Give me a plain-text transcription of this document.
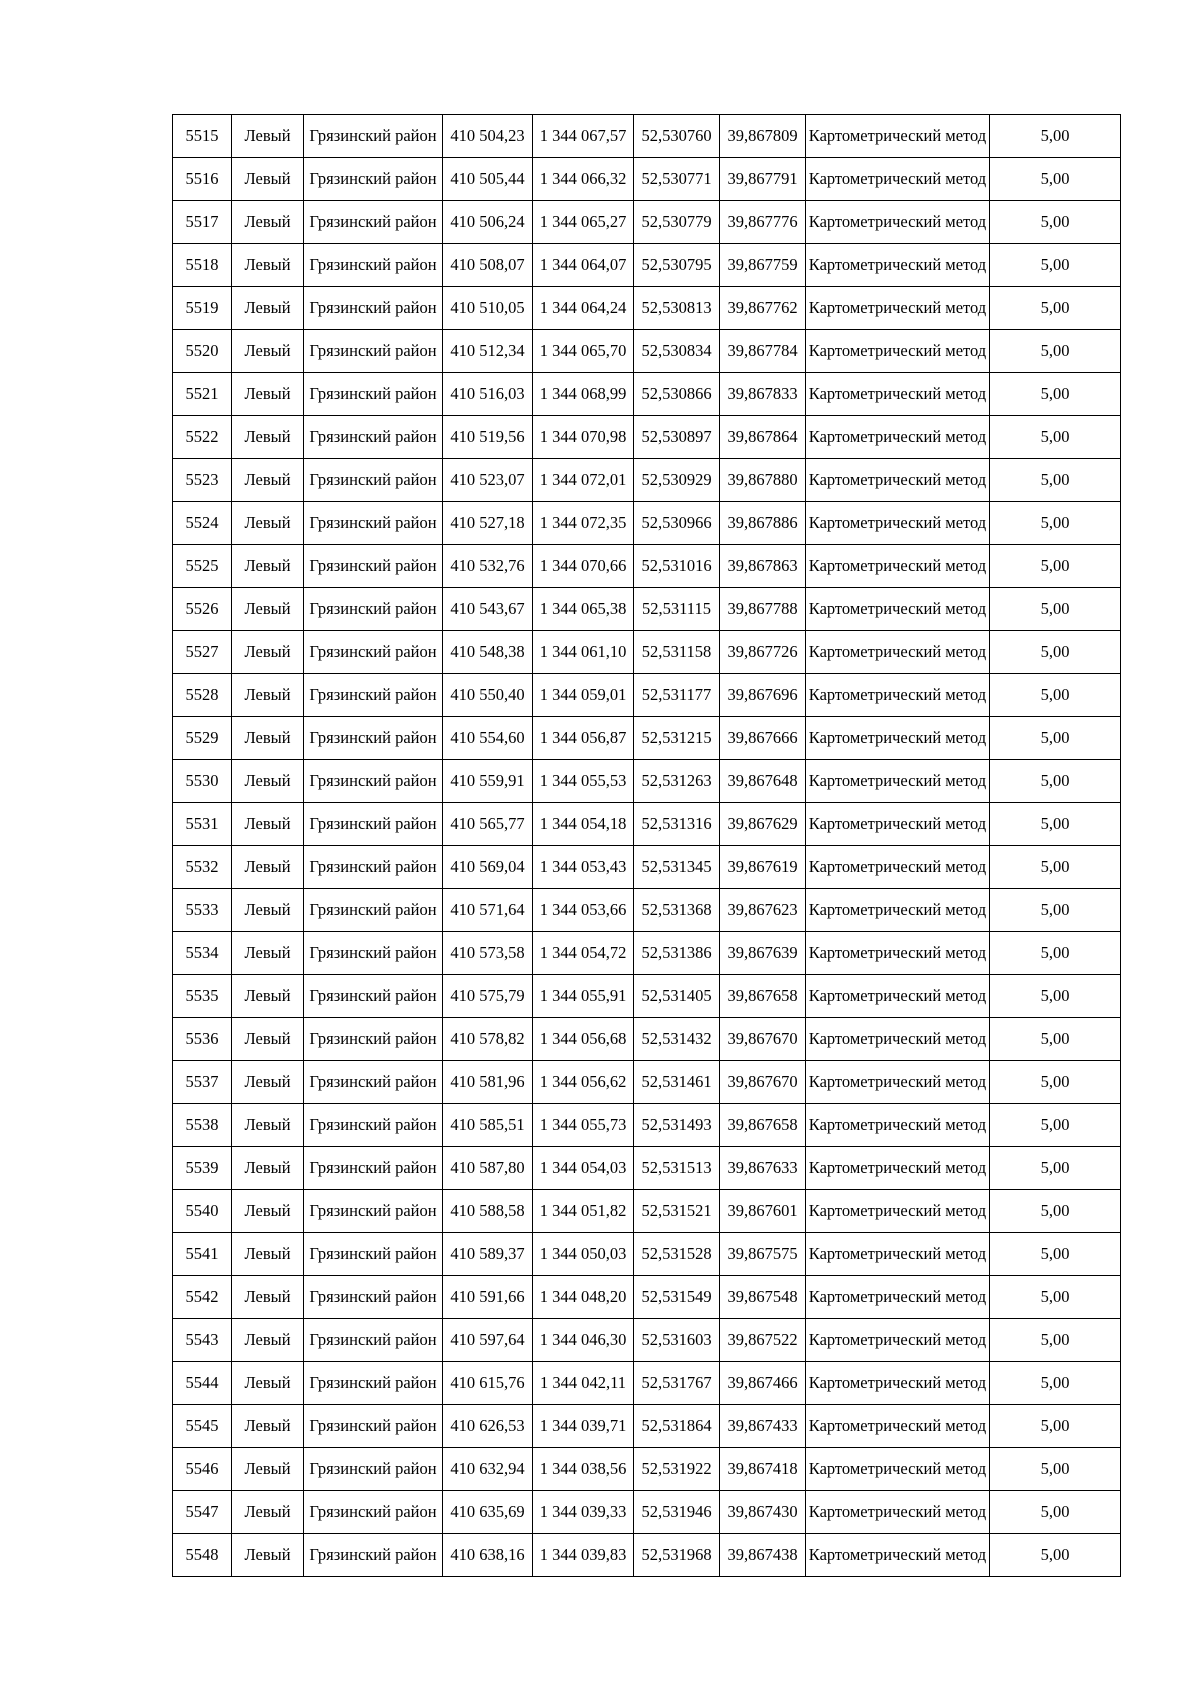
5515	Левый	Грязинский район	410 504,23	1 344 067,57	52,530760	39,867809	Картометрический метод	5,00
5516	Левый	Грязинский район	410 505,44	1 344 066,32	52,530771	39,867791	Картометрический метод	5,00
5517	Левый	Грязинский район	410 506,24	1 344 065,27	52,530779	39,867776	Картометрический метод	5,00
5518	Левый	Грязинский район	410 508,07	1 344 064,07	52,530795	39,867759	Картометрический метод	5,00
5519	Левый	Грязинский район	410 510,05	1 344 064,24	52,530813	39,867762	Картометрический метод	5,00
5520	Левый	Грязинский район	410 512,34	1 344 065,70	52,530834	39,867784	Картометрический метод	5,00
5521	Левый	Грязинский район	410 516,03	1 344 068,99	52,530866	39,867833	Картометрический метод	5,00
5522	Левый	Грязинский район	410 519,56	1 344 070,98	52,530897	39,867864	Картометрический метод	5,00
5523	Левый	Грязинский район	410 523,07	1 344 072,01	52,530929	39,867880	Картометрический метод	5,00
5524	Левый	Грязинский район	410 527,18	1 344 072,35	52,530966	39,867886	Картометрический метод	5,00
5525	Левый	Грязинский район	410 532,76	1 344 070,66	52,531016	39,867863	Картометрический метод	5,00
5526	Левый	Грязинский район	410 543,67	1 344 065,38	52,531115	39,867788	Картометрический метод	5,00
5527	Левый	Грязинский район	410 548,38	1 344 061,10	52,531158	39,867726	Картометрический метод	5,00
5528	Левый	Грязинский район	410 550,40	1 344 059,01	52,531177	39,867696	Картометрический метод	5,00
5529	Левый	Грязинский район	410 554,60	1 344 056,87	52,531215	39,867666	Картометрический метод	5,00
5530	Левый	Грязинский район	410 559,91	1 344 055,53	52,531263	39,867648	Картометрический метод	5,00
5531	Левый	Грязинский район	410 565,77	1 344 054,18	52,531316	39,867629	Картометрический метод	5,00
5532	Левый	Грязинский район	410 569,04	1 344 053,43	52,531345	39,867619	Картометрический метод	5,00
5533	Левый	Грязинский район	410 571,64	1 344 053,66	52,531368	39,867623	Картометрический метод	5,00
5534	Левый	Грязинский район	410 573,58	1 344 054,72	52,531386	39,867639	Картометрический метод	5,00
5535	Левый	Грязинский район	410 575,79	1 344 055,91	52,531405	39,867658	Картометрический метод	5,00
5536	Левый	Грязинский район	410 578,82	1 344 056,68	52,531432	39,867670	Картометрический метод	5,00
5537	Левый	Грязинский район	410 581,96	1 344 056,62	52,531461	39,867670	Картометрический метод	5,00
5538	Левый	Грязинский район	410 585,51	1 344 055,73	52,531493	39,867658	Картометрический метод	5,00
5539	Левый	Грязинский район	410 587,80	1 344 054,03	52,531513	39,867633	Картометрический метод	5,00
5540	Левый	Грязинский район	410 588,58	1 344 051,82	52,531521	39,867601	Картометрический метод	5,00
5541	Левый	Грязинский район	410 589,37	1 344 050,03	52,531528	39,867575	Картометрический метод	5,00
5542	Левый	Грязинский район	410 591,66	1 344 048,20	52,531549	39,867548	Картометрический метод	5,00
5543	Левый	Грязинский район	410 597,64	1 344 046,30	52,531603	39,867522	Картометрический метод	5,00
5544	Левый	Грязинский район	410 615,76	1 344 042,11	52,531767	39,867466	Картометрический метод	5,00
5545	Левый	Грязинский район	410 626,53	1 344 039,71	52,531864	39,867433	Картометрический метод	5,00
5546	Левый	Грязинский район	410 632,94	1 344 038,56	52,531922	39,867418	Картометрический метод	5,00
5547	Левый	Грязинский район	410 635,69	1 344 039,33	52,531946	39,867430	Картометрический метод	5,00
5548	Левый	Грязинский район	410 638,16	1 344 039,83	52,531968	39,867438	Картометрический метод	5,00
